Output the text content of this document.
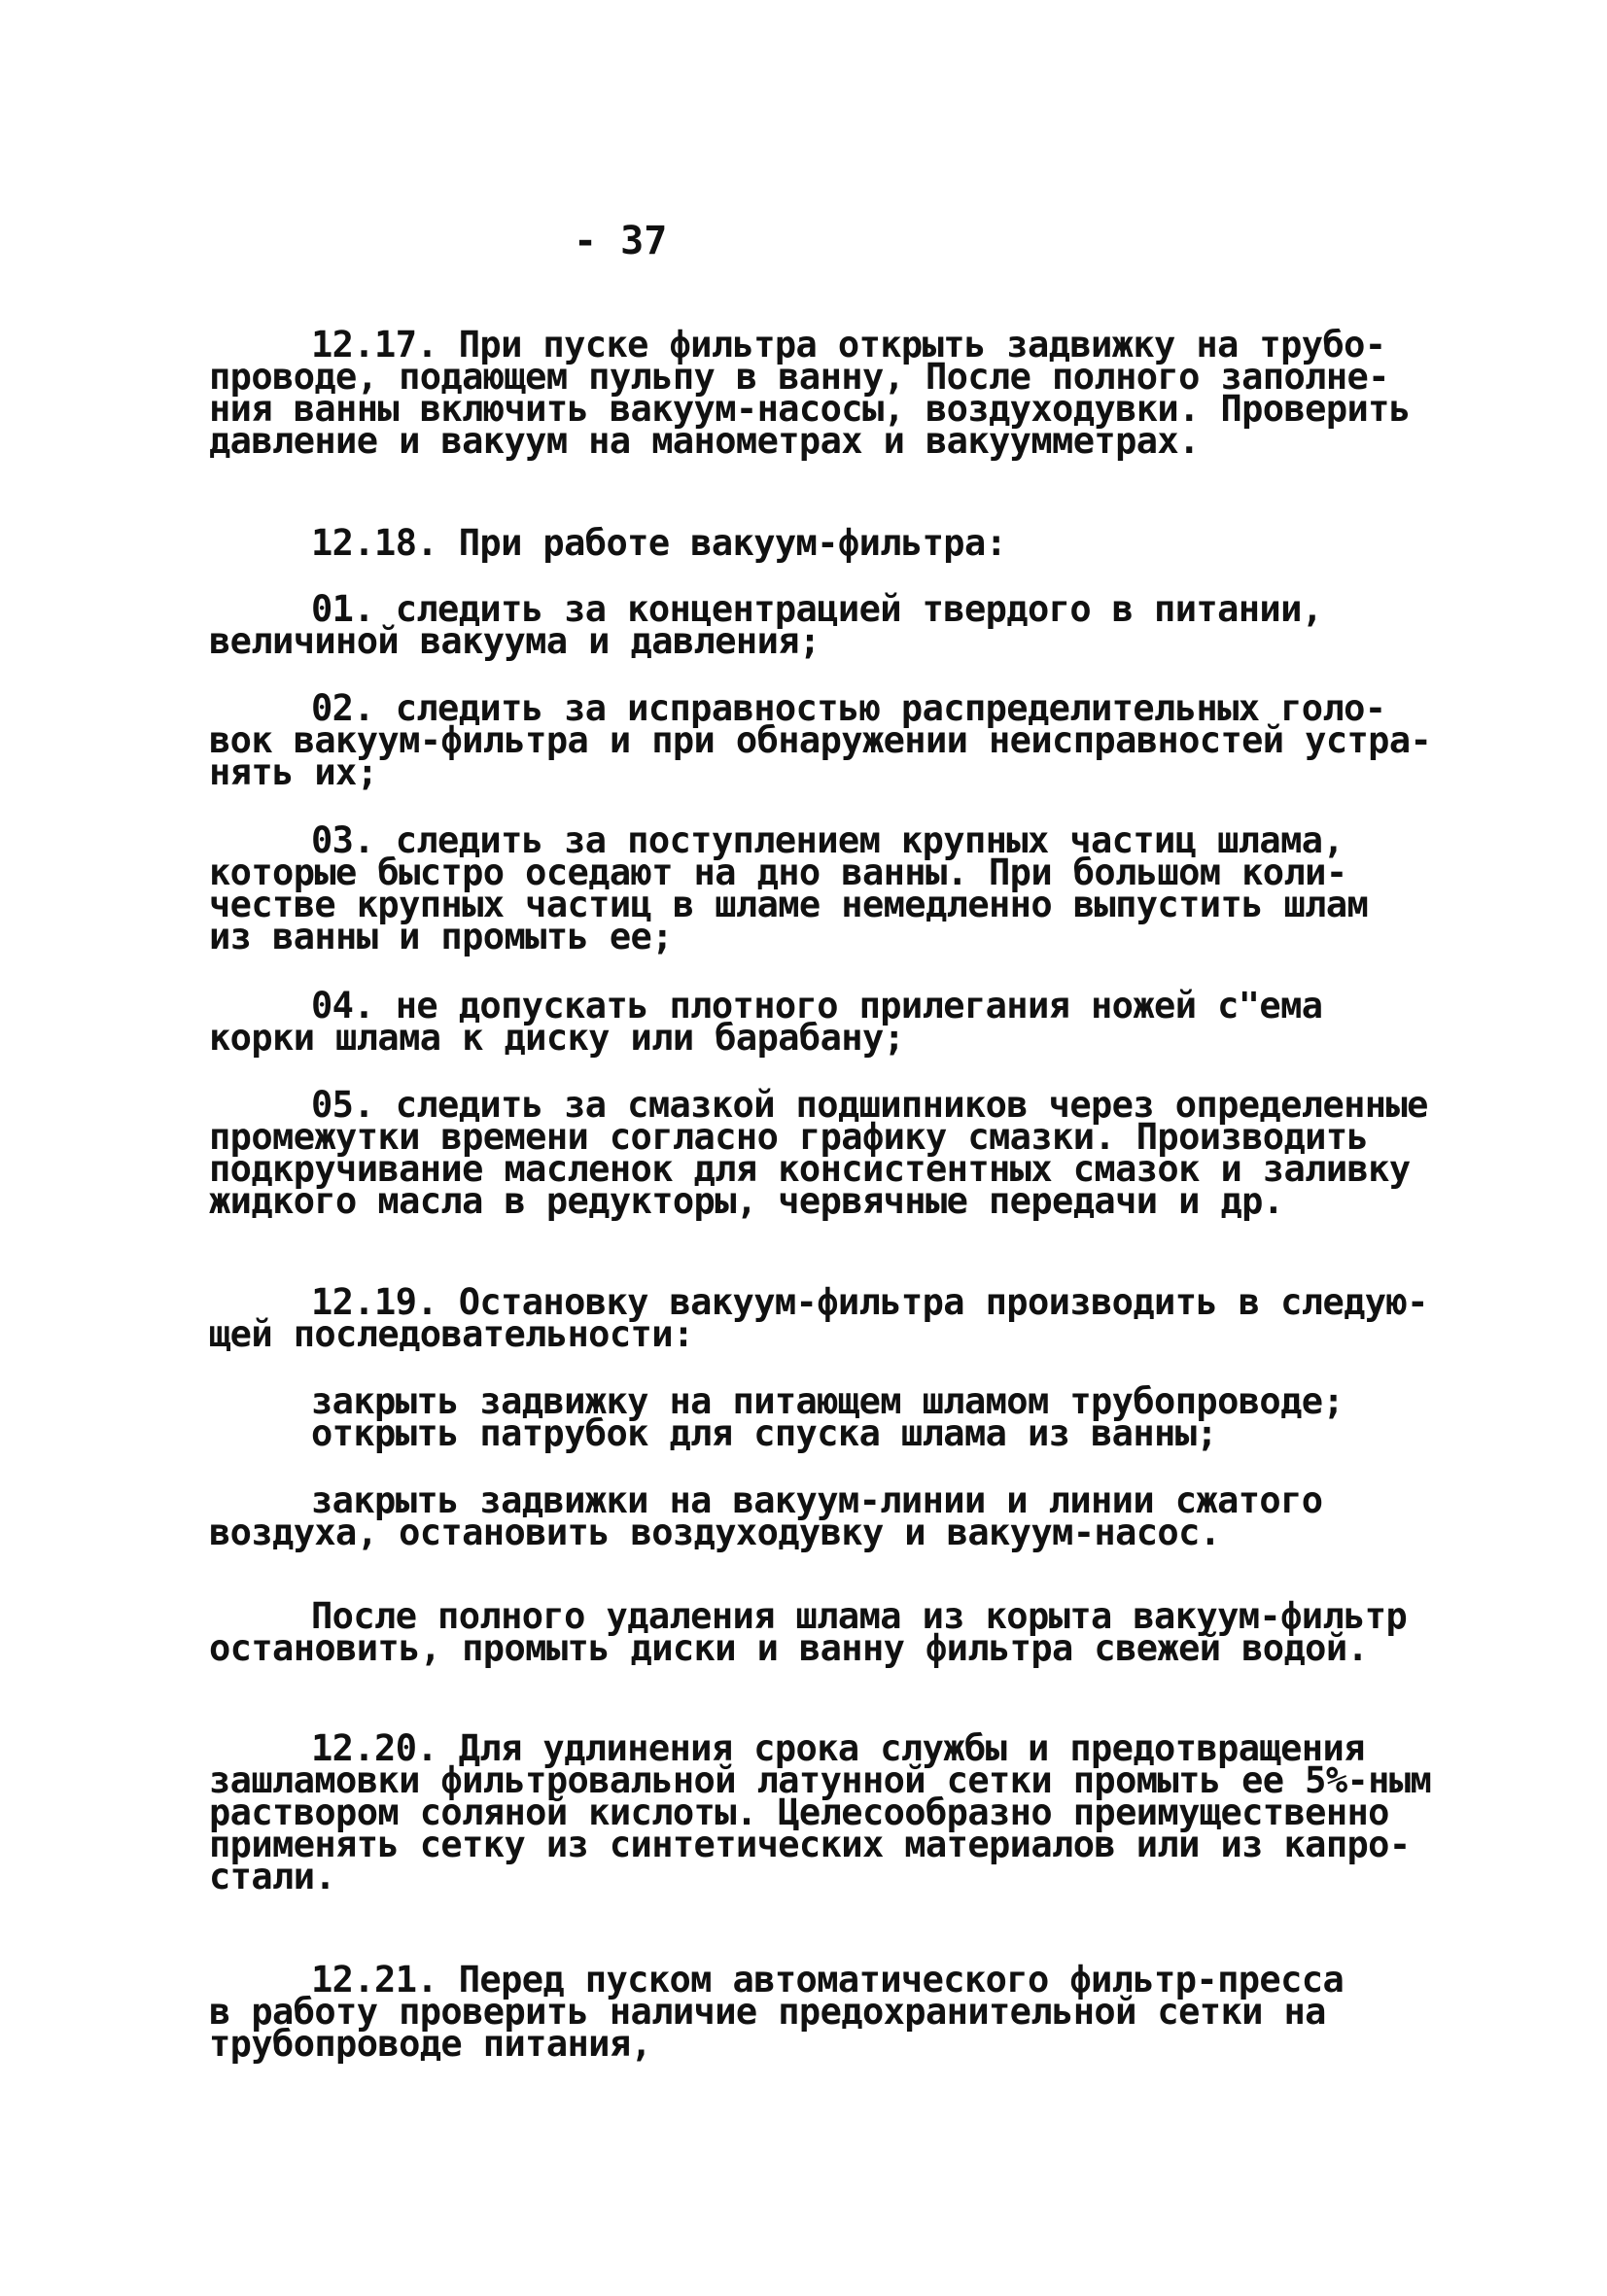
- 37
12.17. При пуске фильтра открыть задвижку на трубо-
проводе, подающем пульпу в ванну, После полного заполне-
ния ванны включить вакуум-насосы, воздуходувки. Проверить
давление и вакуум на манометрах и вакуумметрах.
12.18. При работе вакуум-фильтра:
01. следить за концентрацией твердого в питании,
величиной вакуума и давления;
02. следить за исправностью распределительных голо-
вок вакуум-фильтра и при обнаружении неисправностей устра-
нять их;
03. следить за поступлением крупных частиц шлама,
которые быстро оседают на дно ванны. При большом коли-
честве крупных частиц в шламе немедленно выпустить шлам
из ванны и промыть ее;
04. не допускать плотного прилегания ножей с"ема
корки шлама к диску или барабану;
05. следить за смазкой подшипников через определенные
промежутки времени согласно графику смазки. Производить
подкручивание масленок для консистентных смазок и заливку
жидкого масла в редукторы, червячные передачи и др.
12.19. Остановку вакуум-фильтра производить в следую-
щей последовательности:
закрыть задвижку на питающем шламом трубопроводе;
открыть патрубок для спуска шлама из ванны;
закрыть задвижки на вакуум-линии и линии сжатого
воздуха, остановить воздуходувку и вакуум-насос.
После полного удаления шлама из корыта вакуум-фильтр
остановить, промыть диски и ванну фильтра свежей водой.
12.20. Для удлинения срока службы и предотвращения
зашламовки фильтровальной латунной сетки промыть ее 5%-ным
раствором соляной кислоты. Целесообразно преимущественно
применять сетку из синтетических материалов или из капро-
стали.
12.21. Перед пуском автоматического фильтр-пресса
в работу проверить наличие предохранительной сетки на
трубопроводе питания,
